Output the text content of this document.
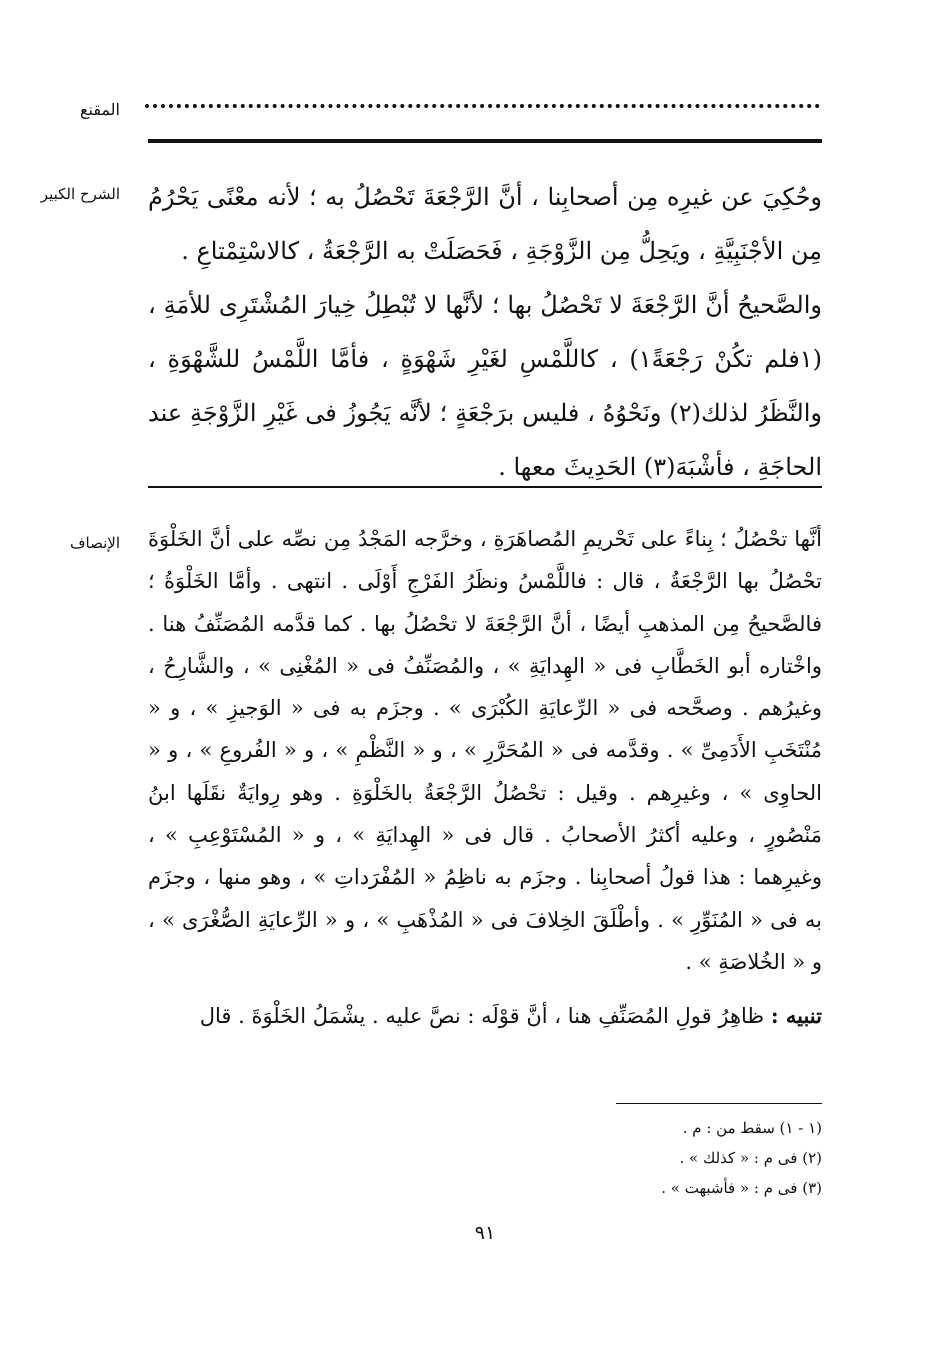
المقنع
الشرح الكبير وحُكِيَ عن غيرِه مِن أصحابِنا ، أنَّ الرَّجْعَةَ تَحْصُلُ به ؛ لأنه معْنًى يَحْرُمُ مِن الأجْنَبِيَّةِ ، ويَحِلُّ مِن الزَّوْجَةِ ، فَحَصَلَتْ به الرَّجْعَةُ ، كالاسْتِمْتاعِ .

والصَّحيحُ أنَّ الرَّجْعَةَ لا تَحْصُلُ بها ؛ لأنَّها لا تُبْطِلُ خِيارَ المُشْتَرِى للأمَةِ ، (١فلم تكُنْ رَجْعَةً١) ، كاللَّمْسِ لغَيْرِ شَهْوَةٍ ، فأمَّا اللَّمْسُ للشَّهْوَةِ ، والنَّظَرُ لذلك(٢) ونَحْوُهُ ، فليس برَجْعَةٍ ؛ لأنَّه يَجُوزُ فى غَيْرِ الزَّوْجَةِ عند الحاجَةِ ، فأشْبَهَ(٣) الحَدِيثَ معها .

الإنصاف أنَّها تحْصُلُ ؛ بِناءً على تَحْريمِ المُصاهَرَةِ ، وخرَّجه المَجْدُ مِن نصِّه على أنَّ الخَلْوَةَ تحْصُلُ بها الرَّجْعَةُ ، قال : فاللَّمْسُ ونظَرُ الفَرْجِ أَوْلَى . انتهى . وأمَّا الخَلْوَةُ ؛ فالصَّحيحُ مِن المذهبِ أيضًا ، أنَّ الرَّجْعَةَ لا تحْصُلُ بها . كما قدَّمه المُصَنِّفُ هنا . واخْتاره أبو الخَطَّابِ فى « الهِدايَةِ » ، والمُصَنِّفُ فى « المُغْنِى » ، والشَّارِحُ ، وغيرُهم . وصحَّحه فى « الرِّعايَةِ الكُبْرَى » . وجزَم به فى « الوَجيزِ » ، و « مُنْتَخَبِ الأَدَمِىِّ » . وقدَّمه فى « المُحَرَّرِ » ، و « النَّظْمِ » ، و « الفُروعِ » ، و « الحاوِى » ، وغيرِهم . وقيل : تحْصُلُ الرَّجْعَةُ بالخَلْوَةِ . وهو رِوايَةٌ نقَلَها ابنُ مَنْصُورٍ ، وعليه أكثرُ الأصحابُ . قال فى « الهِدايَةِ » ، و « المُسْتَوْعِبِ » ، وغيرِهما : هذا قولُ أصحابِنا . وجزَم به ناظِمُ « المُفْرَداتِ » ، وهو منها ، وجزَم به فى « المُنَوِّرِ » . وأطْلَقَ الخِلافَ فى « المُذْهَبِ » ، و « الرِّعايَةِ الصُّغْرَى » ، و « الخُلاصَةِ » .

تنبيه : ظاهِرُ قولِ المُصَنِّفِ هنا ، أنَّ قوْلَه : نصَّ عليه . يشْمَلُ الخَلْوَةَ . قال

(١ - ١) سقط من : م .
(٢) فى م : « كذلك » .
(٣) فى م : « فأشبهت » .
٩١
